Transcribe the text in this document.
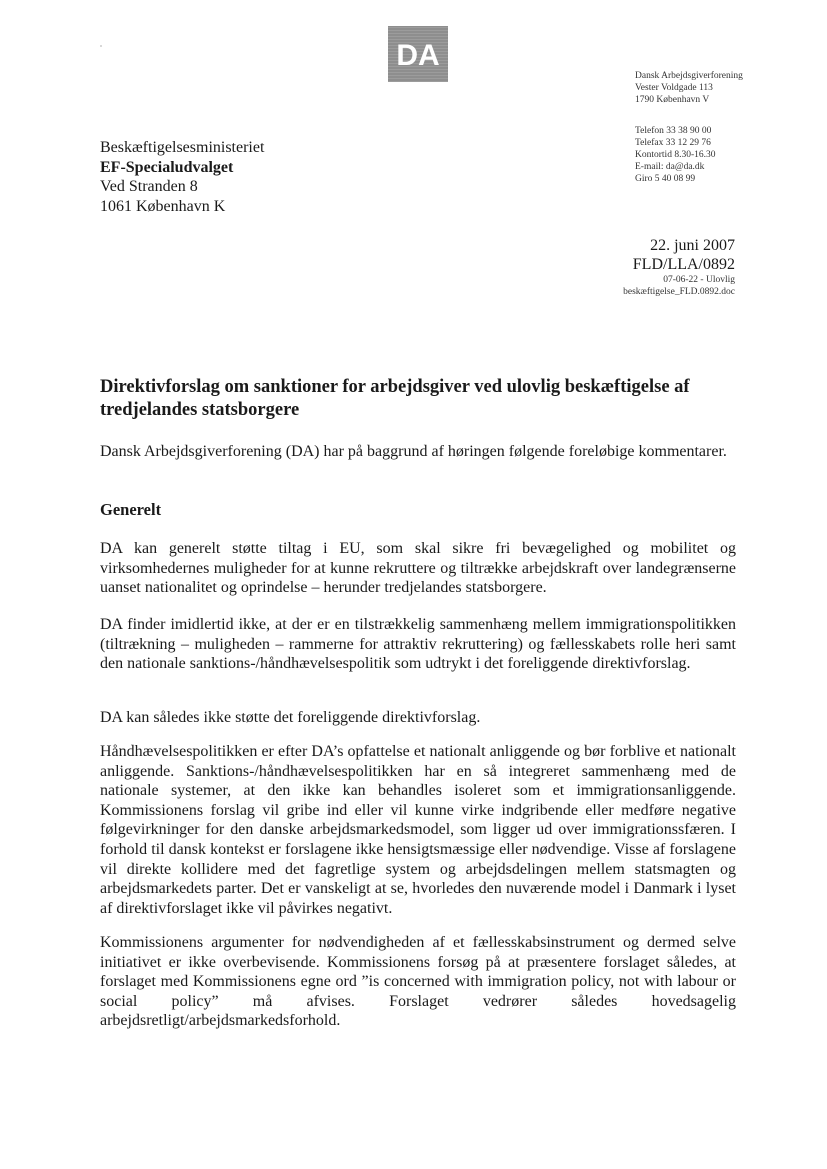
DA
Dansk Arbejdsgiverforening
Vester Voldgade 113
1790 København V
Telefon 33 38 90 00
Telefax 33 12 29 76
Kontortid 8.30-16.30
E-mail: da@da.dk
Giro 5 40 08 99
Beskæftigelsesministeriet
EF-Specialudvalget
Ved Stranden 8
1061 København K
22. juni 2007
FLD/LLA/0892
07-06-22 - Ulovlig
beskæftigelse_FLD.0892.doc
Direktivforslag om sanktioner for arbejdsgiver ved ulovlig beskæftigelse af tredjelandes statsborgere
Dansk Arbejdsgiverforening (DA) har på baggrund af høringen følgende foreløbige kommentarer.
Generelt
DA kan generelt støtte tiltag i EU, som skal sikre fri bevægelighed og mobilitet og virksomhedernes muligheder for at kunne rekruttere og tiltrække arbejdskraft over landegrænserne uanset nationalitet og oprindelse – herunder tredjelandes statsborgere.
DA finder imidlertid ikke, at der er en tilstrækkelig sammenhæng mellem immigrationspolitikken (tiltrækning – muligheden – rammerne for attraktiv rekruttering) og fællesskabets rolle heri samt den nationale sanktions-/håndhævelsespolitik som udtrykt i det foreliggende direktivforslag.
DA kan således ikke støtte det foreliggende direktivforslag.
Håndhævelsespolitikken er efter DA’s opfattelse et nationalt anliggende og bør forblive et nationalt anliggende. Sanktions-/håndhævelsespolitikken har en så integreret sammenhæng med de nationale systemer, at den ikke kan behandles isoleret som et immigrationsanliggende. Kommissionens forslag vil gribe ind eller vil kunne virke indgribende eller medføre negative følgevirkninger for den danske arbejdsmarkedsmodel, som ligger ud over immigrationssfæren. I forhold til dansk kontekst er forslagene ikke hensigtsmæssige eller nødvendige. Visse af forslagene vil direkte kollidere med det fagretlige system og arbejdsdelingen mellem statsmagten og arbejdsmarkedets parter. Det er vanskeligt at se, hvorledes den nuværende model i Danmark i lyset af direktivforslaget ikke vil påvirkes negativt.
Kommissionens argumenter for nødvendigheden af et fællesskabsinstrument og dermed selve initiativet er ikke overbevisende. Kommissionens forsøg på at præsentere forslaget således, at forslaget med Kommissionens egne ord ”is concerned with immigration policy, not with labour or social policy” må afvises. Forslaget vedrører således hovedsagelig arbejdsretligt/arbejdsmarkedsforhold.
